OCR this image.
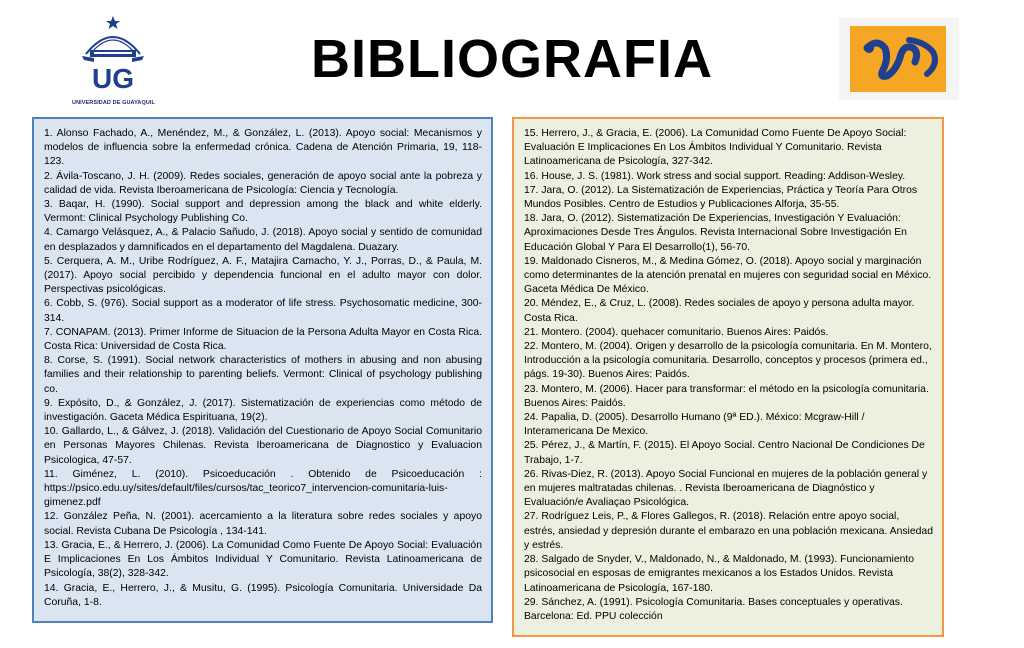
UG
UNIVERSIDAD DE GUAYAQUIL
BIBLIOGRAFIA

1. Alonso Fachado, A., Menéndez, M., & González, L. (2013). Apoyo social: Mecanismos y modelos de influencia sobre la enfermedad crónica. Cadena de Atención Primaria, 19, 118-123.

2. Ávila-Toscano, J. H. (2009). Redes sociales, generación de apoyo social ante la pobreza y calidad de vida. Revista Iberoamericana de Psicología: Ciencia y Tecnología.

3. Baqar, H. (1990). Social support and depression among the black and white elderly. Vermont: Clinical Psychology Publishing Co.

4. Camargo Velásquez, A., & Palacio Sañudo, J. (2018). Apoyo social y sentido de comunidad en desplazados y damnificados en el departamento del Magdalena. Duazary.

5. Cerquera, A. M., Uribe Rodríguez, A. F., Matajira Camacho, Y. J., Porras, D., & Paula, M. (2017). Apoyo social percibido y dependencia funcional en el adulto mayor con dolor. Perspectivas psicológicas.

6. Cobb, S. (976). Social support as a moderator of life stress. Psychosomatic medicine, 300-314.

7. CONAPAM. (2013). Primer Informe de Situacion de la Persona Adulta Mayor en Costa Rica. Costa Rica: Universidad de Costa Rica.

8. Corse, S. (1991). Social network characteristics of mothers in abusing and non abusing families and their relationship to parenting beliefs. Vermont: Clinical of psychology publishing co.

9. Expósito, D., & González, J. (2017). Sistematización de experiencias como método de investigación. Gaceta Médica Espirituana, 19(2).

10. Gallardo, L., & Gálvez, J. (2018). Validación del Cuestionario de Apoyo Social Comunitario en Personas Mayores Chilenas. Revista Iberoamericana de Diagnostico y Evaluacion Psicologica, 47-57.

11. Giménez, L. (2010). Psicoeducación . Obtenido de Psicoeducación : https://psico.edu.uy/sites/default/files/cursos/tac_teorico7_intervencion-comunitaria-luis-gimenez.pdf

12. González Peña, N. (2001). acercamiento a la literatura sobre redes sociales y apoyo social. Revista Cubana De Psicología , 134-141.

13. Gracia, E., & Herrero, J. (2006). La Comunidad Como Fuente De Apoyo Social: Evaluación E Implicaciones En Los Ámbitos Individual Y Comunitario. Revista Latinoamericana de Psicología, 38(2), 328-342.

14. Gracia, E., Herrero, J., & Musitu, G. (1995). Psicología Comunitaria. Universidade Da Coruña, 1-8.

15. Herrero, J., & Gracia, E. (2006). La Comunidad Como Fuente De Apoyo Social: Evaluación E Implicaciones En Los Ámbitos Individual Y Comunitario. Revista Latinoamericana de Psicología, 327-342.

16. House, J. S. (1981). Work stress and social support. Reading: Addison-Wesley.

17. Jara, O. (2012). La Sistematización de Experiencias, Práctica y Teoría Para Otros Mundos Posibles. Centro de Estudios y Publicaciones Alforja, 35-55.

18. Jara, O. (2012). Sistematización De Experiencias, Investigación Y Evaluación: Aproximaciones Desde Tres Ángulos. Revista Internacional Sobre Investigación En Educación Global Y Para El Desarrollo(1), 56-70.

19. Maldonado Cisneros, M., & Medina Gómez, O. (2018). Apoyo social y marginación como determinantes de la atención prenatal en mujeres con seguridad social en México. Gaceta Médica De México.

20. Méndez, E., & Cruz, L. (2008). Redes sociales de apoyo y persona adulta mayor. Costa Rica.

21. Montero. (2004). quehacer comunitario. Buenos Aires: Paidós.

22. Montero, M. (2004). Origen y desarrollo de la psicología comunitaria. En M. Montero, Introducción a la psicología comunitaria. Desarrollo, conceptos y procesos (primera ed., págs. 19-30). Buenos Aires: Paidós.

23. Montero, M. (2006). Hacer para transformar: el método en la psicología comunitaria. Buenos Aires: Paidós.

24. Papalia, D. (2005). Desarrollo Humano (9ª ED.). México: Mcgraw-Hill / Interamericana De Mexico.

25. Pérez, J., & Martín, F. (2015). El Apoyo Social. Centro Nacional De Condiciones De Trabajo, 1-7.

26. Rivas-Diez, R. (2013). Apoyo Social Funcional en mujeres de la población general y en mujeres maltratadas chilenas. . Revista Iberoamericana de Diagnóstico y Evaluación/e Avaliaçao Psicológica.

27. Rodríguez Leis, P., & Flores Gallegos, R. (2018). Relación entre apoyo social, estrés, ansiedad y depresión durante el embarazo en una población mexicana. Ansiedad y estrés.

28. Salgado de Snyder, V., Maldonado, N., & Maldonado, M. (1993). Funcionamiento psicosocial en esposas de emigrantes mexicanos a los Estados Unidos. Revista Latinoamericana de Psicología, 167-180.

29. Sánchez, A. (1991). Psicología Comunitaria. Bases conceptuales y operativas. Barcelona: Ed. PPU colección
